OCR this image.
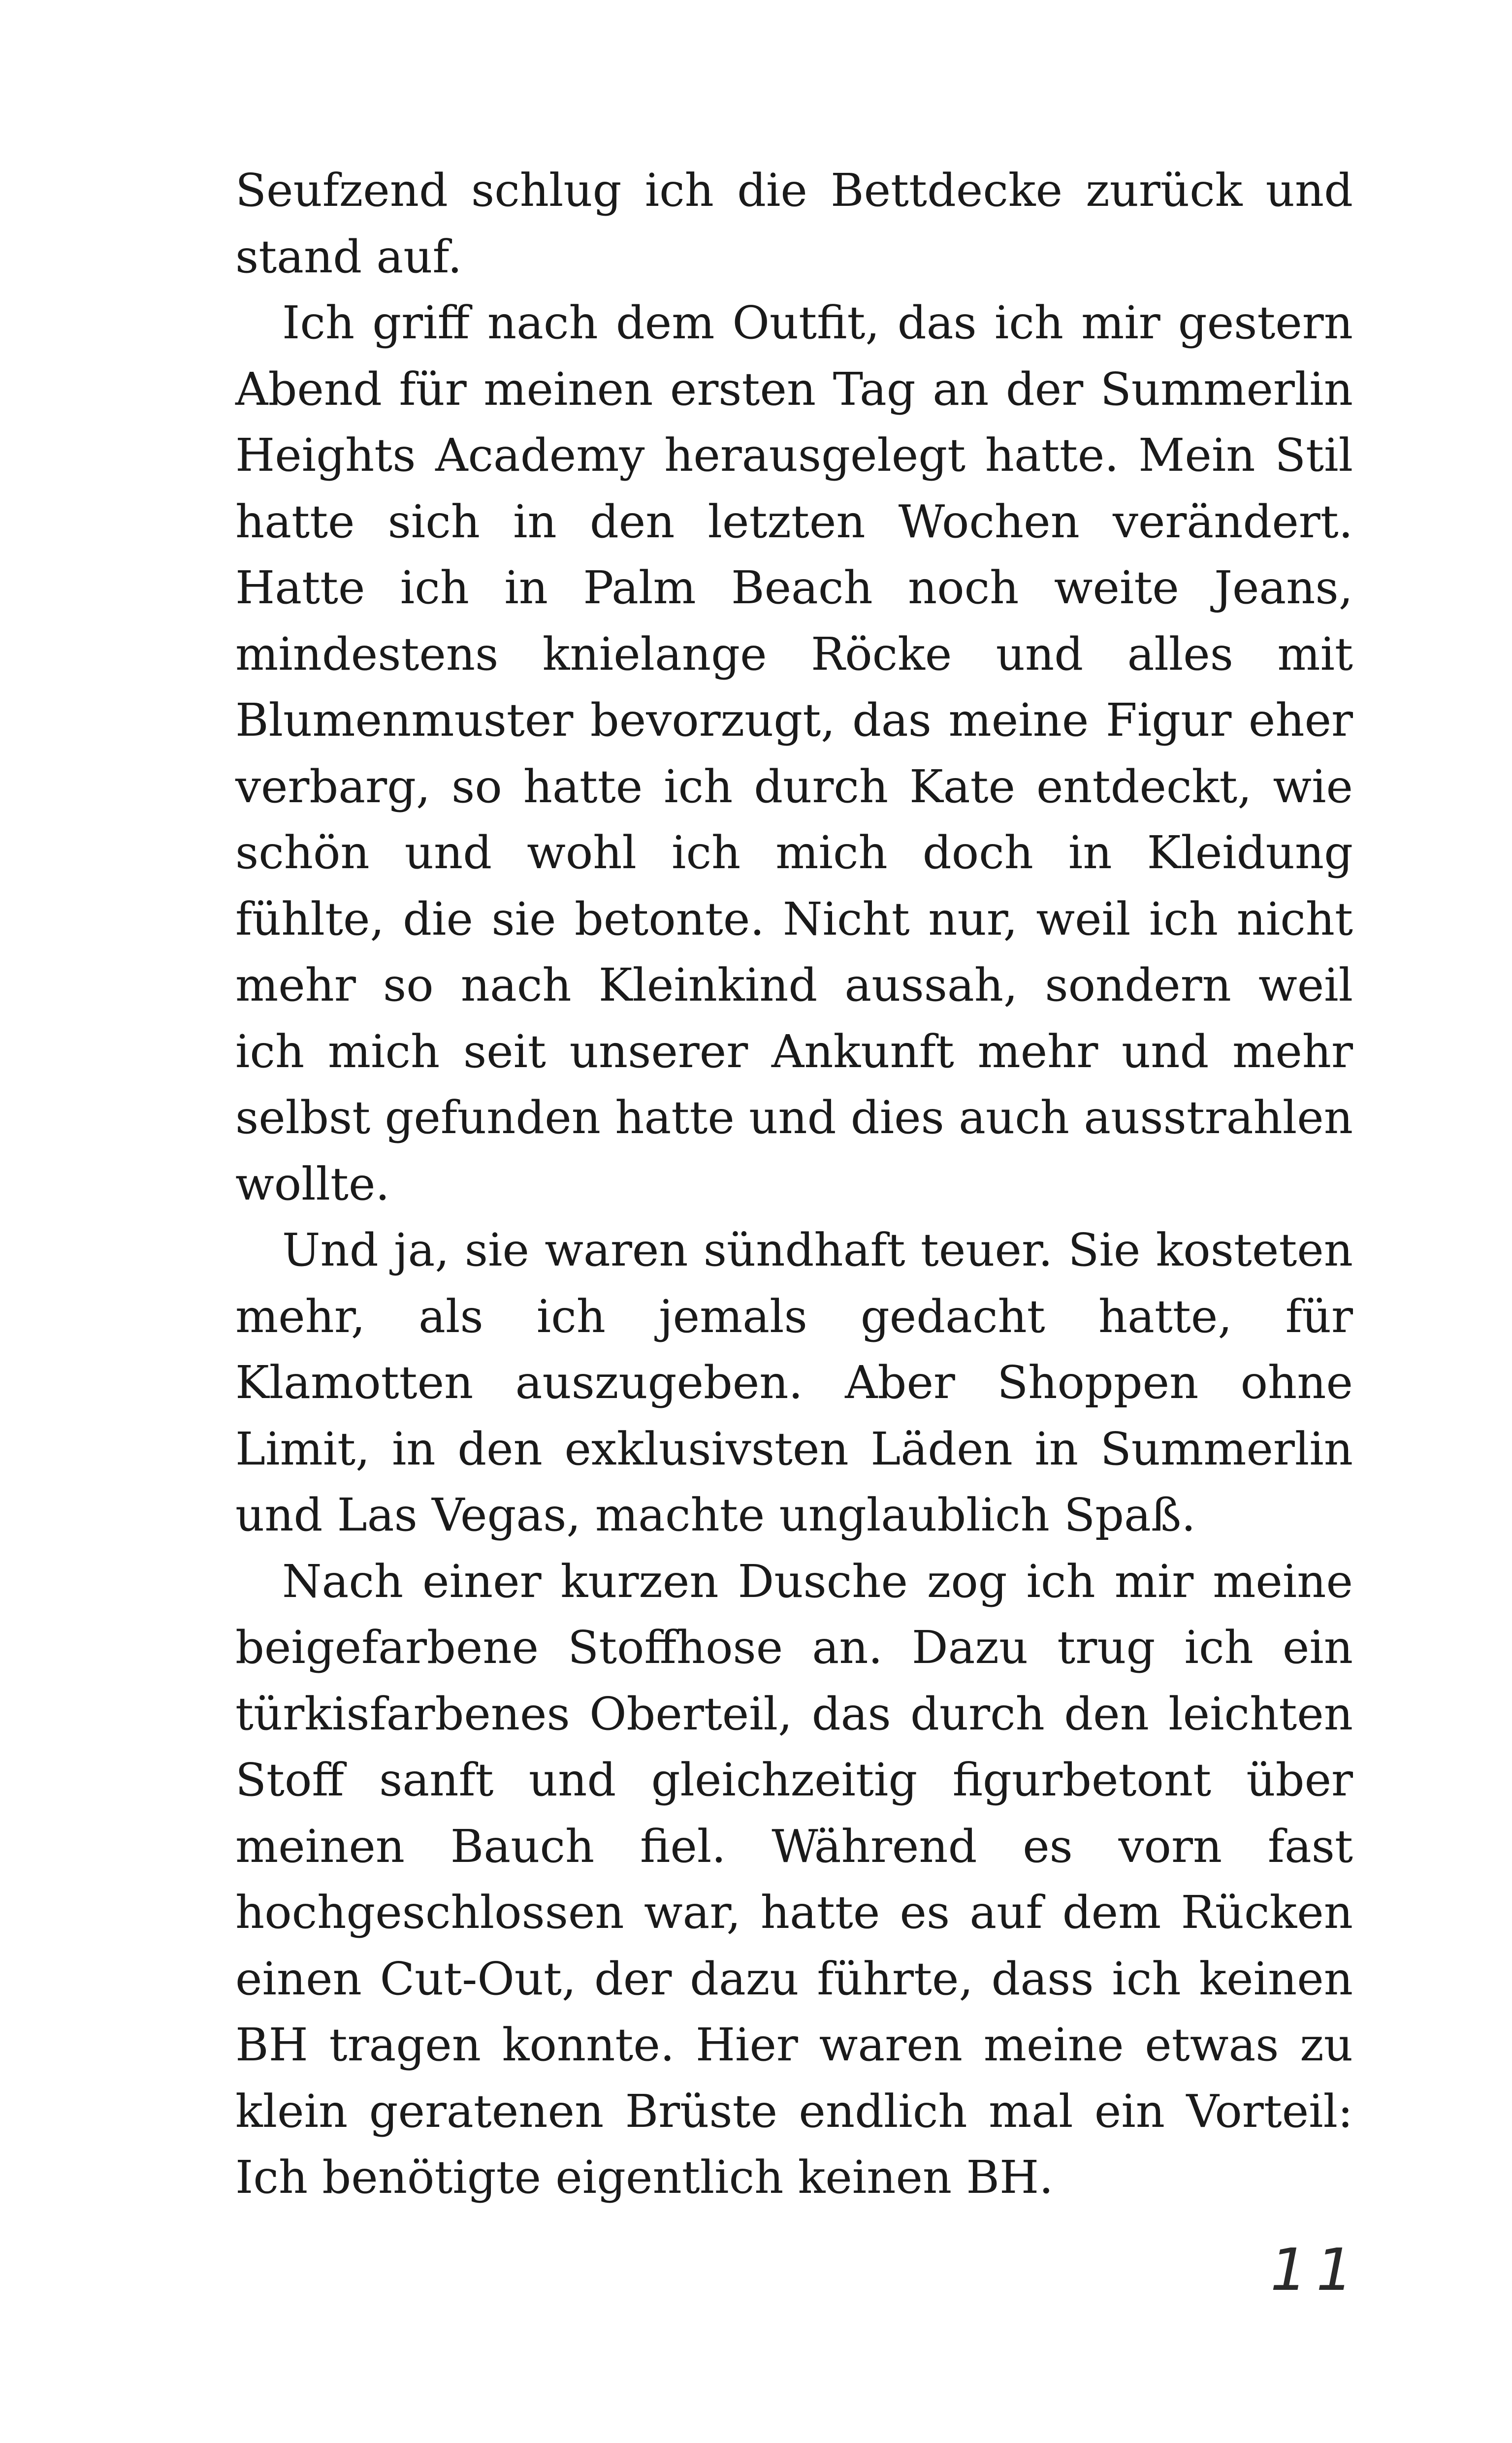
Seufzend schlug ich die Bettdecke zurück und stand auf.

Ich griff nach dem Outfit, das ich mir gestern Abend für meinen ersten Tag an der Summerlin Heights Academy herausgelegt hatte. Mein Stil hatte sich in den letzten Wochen verändert. Hatte ich in Palm Beach noch weite Jeans, mindestens knielange Röcke und alles mit Blumenmuster bevorzugt, das meine Figur eher verbarg, so hatte ich durch Kate entdeckt, wie schön und wohl ich mich doch in Kleidung fühlte, die sie betonte. Nicht nur, weil ich nicht mehr so nach Kleinkind aussah, sondern weil ich mich seit unserer Ankunft mehr und mehr selbst gefunden hatte und dies auch ausstrahlen wollte.

Und ja, sie waren sündhaft teuer. Sie kosteten mehr, als ich jemals gedacht hatte, für Klamotten auszugeben. Aber Shoppen ohne Limit, in den exklusivsten Läden in Summerlin und Las Vegas, machte unglaublich Spaß.

Nach einer kurzen Dusche zog ich mir meine beigefarbene Stoffhose an. Dazu trug ich ein türkisfarbenes Oberteil, das durch den leichten Stoff sanft und gleichzeitig figurbetont über meinen Bauch fiel. Während es vorn fast hochgeschlossen war, hatte es auf dem Rücken einen Cut-Out, der dazu führte, dass ich keinen BH tragen konnte. Hier waren meine etwas zu klein geratenen Brüste endlich mal ein Vorteil: Ich benötigte eigentlich keinen BH.

11
